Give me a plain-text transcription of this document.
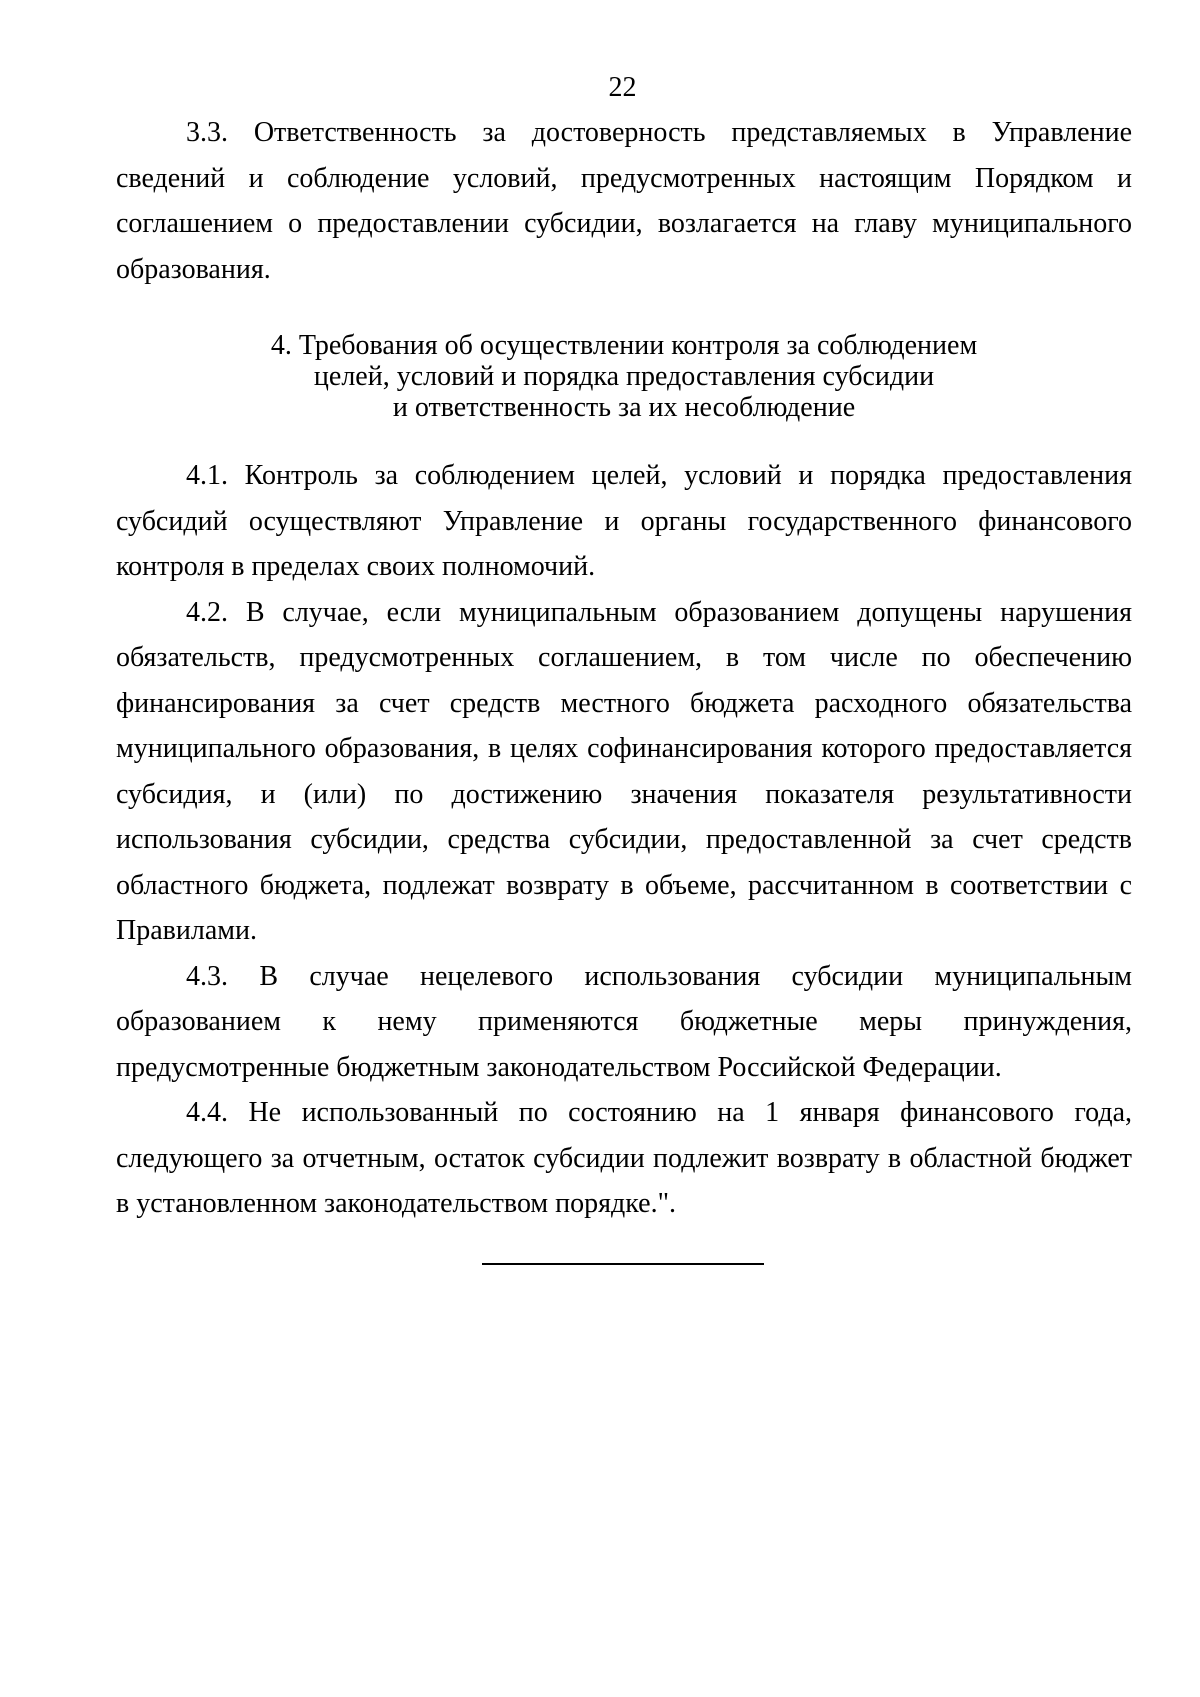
22

3.3. Ответственность за достоверность представляемых в Управление сведений и соблюдение условий, предусмотренных настоящим Порядком и соглашением о предоставлении субсидии, возлагается на главу муниципального образования.

4. Требования об осуществлении контроля за соблюдением
целей, условий и порядка предоставления субсидии
и ответственность за их несоблюдение

4.1. Контроль за соблюдением целей, условий и порядка предоставления субсидий осуществляют Управление и органы государственного финансового контроля в пределах своих полномочий.

4.2. В случае, если муниципальным образованием допущены нарушения обязательств, предусмотренных соглашением, в том числе по обеспечению финансирования за счет средств местного бюджета расходного обязательства муниципального образования, в целях софинансирования которого предоставляется субсидия, и (или) по достижению значения показателя результативности использования субсидии, средства субсидии, предоставленной за счет средств областного бюджета, подлежат возврату в объеме, рассчитанном в соответствии с Правилами.

4.3. В случае нецелевого использования субсидии муниципальным образованием к нему применяются бюджетные меры принуждения, предусмотренные бюджетным законодательством Российской Федерации.

4.4. Не использованный по состоянию на 1 января финансового года, следующего за отчетным, остаток субсидии подлежит возврату в областной бюджет в установленном законодательством порядке.".
